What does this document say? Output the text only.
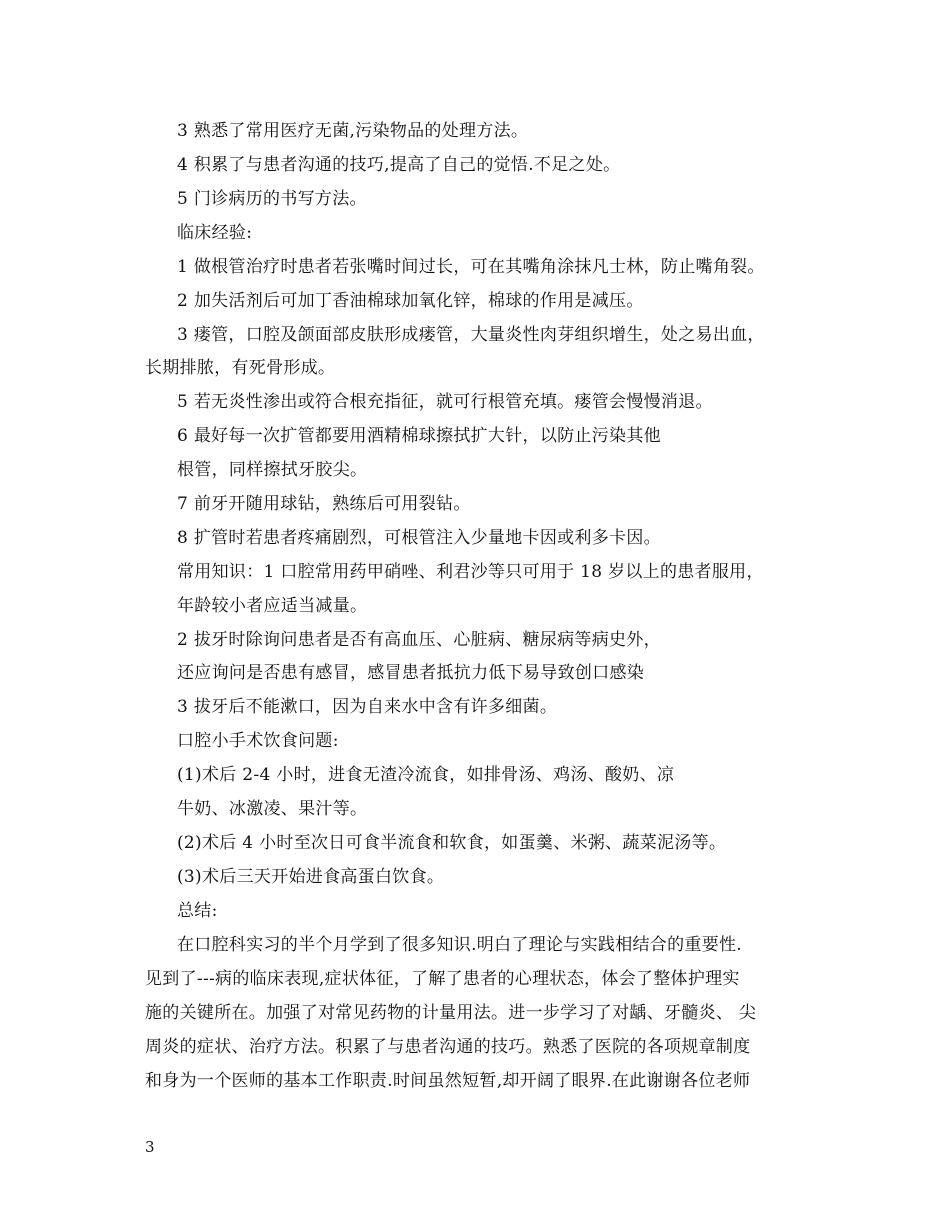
3 熟悉了常用医疗无菌,污染物品的处理方法。
4 积累了与患者沟通的技巧,提高了自己的觉悟.不足之处。
5 门诊病历的书写方法。
临床经验:
1 做根管治疗时患者若张嘴时间过长，可在其嘴角涂抹凡士林，防止嘴角裂。
2 加失活剂后可加丁香油棉球加氧化锌，棉球的作用是减压。
3 瘘管，口腔及颌面部皮肤形成瘘管，大量炎性肉芽组织增生，处之易出血，
长期排脓，有死骨形成。
5 若无炎性渗出或符合根充指征，就可行根管充填。瘘管会慢慢消退。
6 最好每一次扩管都要用酒精棉球擦拭扩大针，以防止污染其他
根管，同样擦拭牙胶尖。
7 前牙开随用球钻，熟练后可用裂钻。
8 扩管时若患者疼痛剧烈，可根管注入少量地卡因或利多卡因。
常用知识：1 口腔常用药甲硝唑、利君沙等只可用于 18 岁以上的患者服用，
年龄较小者应适当减量。
2 拔牙时除询问患者是否有高血压、心脏病、糖尿病等病史外，
还应询问是否患有感冒，感冒患者抵抗力低下易导致创口感染
3 拔牙后不能漱口，因为自来水中含有许多细菌。
口腔小手术饮食问题:
(1)术后 2-4 小时，进食无渣冷流食，如排骨汤、鸡汤、酸奶、凉
牛奶、冰激凌、果汁等。
(2)术后 4 小时至次日可食半流食和软食，如蛋羹、米粥、蔬菜泥汤等。
(3)术后三天开始进食高蛋白饮食。
总结:
在口腔科实习的半个月学到了很多知识.明白了理论与实践相结合的重要性.
见到了---病的临床表现,症状体征，了解了患者的心理状态，体会了整体护理实
施的关键所在。加强了对常见药物的计量用法。进一步学习了对龋、牙髓炎、 尖
周炎的症状、治疗方法。积累了与患者沟通的技巧。熟悉了医院的各项规章制度
和身为一个医师的基本工作职责.时间虽然短暂,却开阔了眼界.在此谢谢各位老师
3
